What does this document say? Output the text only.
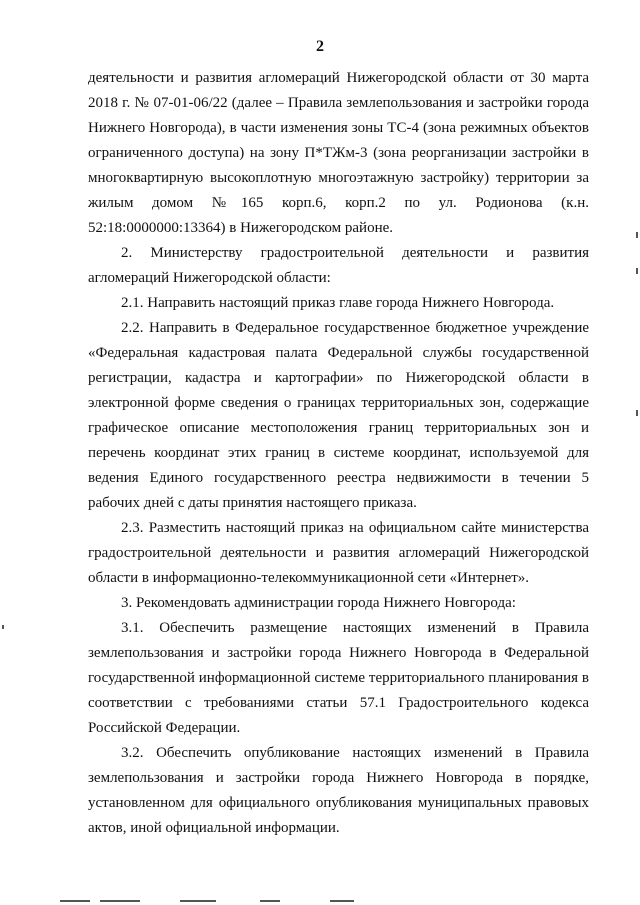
2

деятельности и развития агломераций Нижегородской области от 30 марта 2018 г. № 07-01-06/22 (далее – Правила землепользования и застройки города Нижнего Новгорода), в части изменения зоны ТС-4 (зона режимных объектов ограниченного доступа) на зону П*ТЖм-3 (зона реорганизации застройки в многоквартирную высокоплотную многоэтажную застройку) территории за жилым домом №165 корп.6, корп.2 по ул. Родионова (к.н. 52:18:0000000:13364) в Нижегородском районе.

2. Министерству градостроительной деятельности и развития агломераций Нижегородской области:

2.1. Направить настоящий приказ главе города Нижнего Новгорода.

2.2. Направить в Федеральное государственное бюджетное учреждение «Федеральная кадастровая палата Федеральной службы государственной регистрации, кадастра и картографии» по Нижегородской области в электронной форме сведения о границах территориальных зон, содержащие графическое описание местоположения границ территориальных зон и перечень координат этих границ в системе координат, используемой для ведения Единого государственного реестра недвижимости в течении 5 рабочих дней с даты принятия настоящего приказа.

2.3. Разместить настоящий приказ на официальном сайте министерства градостроительной деятельности и развития агломераций Нижегородской области в информационно-телекоммуникационной сети «Интернет».

3. Рекомендовать администрации города Нижнего Новгорода:

3.1. Обеспечить размещение настоящих изменений в Правила землепользования и застройки города Нижнего Новгорода в Федеральной государственной информационной системе территориального планирования в соответствии с требованиями статьи 57.1 Градостроительного кодекса Российской Федерации.

3.2. Обеспечить опубликование настоящих изменений в Правила землепользования и застройки города Нижнего Новгорода в порядке, установленном для официального опубликования муниципальных правовых актов, иной официальной информации.
